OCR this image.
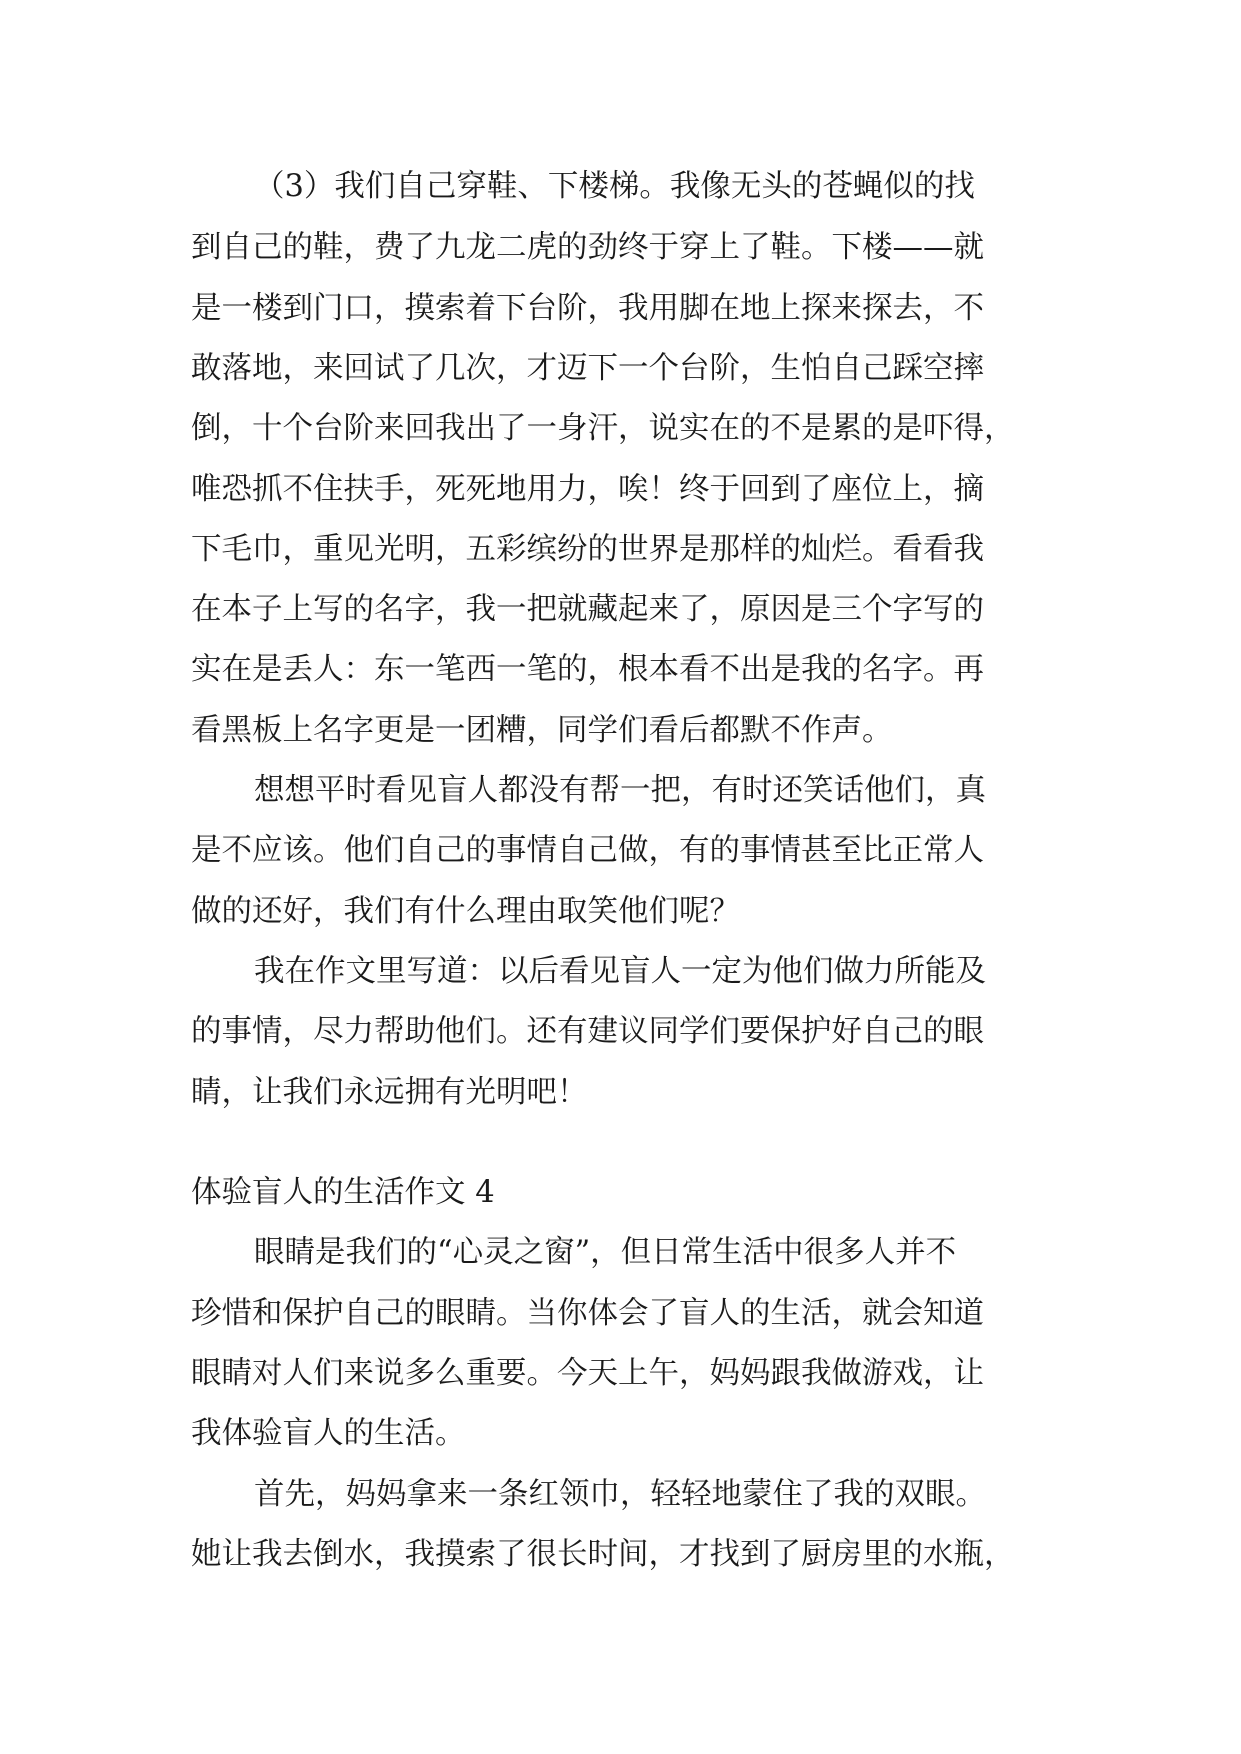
（3）我们自己穿鞋、下楼梯。我像无头的苍蝇似的找
到自己的鞋，费了九龙二虎的劲终于穿上了鞋。下楼——就
是一楼到门口，摸索着下台阶，我用脚在地上探来探去，不
敢落地，来回试了几次，才迈下一个台阶，生怕自己踩空摔
倒，十个台阶来回我出了一身汗，说实在的不是累的是吓得，
唯恐抓不住扶手，死死地用力，唉！终于回到了座位上，摘
下毛巾，重见光明，五彩缤纷的世界是那样的灿烂。看看我
在本子上写的名字，我一把就藏起来了，原因是三个字写的
实在是丢人：东一笔西一笔的，根本看不出是我的名字。再
看黑板上名字更是一团糟，同学们看后都默不作声。
想想平时看见盲人都没有帮一把，有时还笑话他们，真
是不应该。他们自己的事情自己做，有的事情甚至比正常人
做的还好，我们有什么理由取笑他们呢？
我在作文里写道：以后看见盲人一定为他们做力所能及
的事情，尽力帮助他们。还有建议同学们要保护好自己的眼
睛，让我们永远拥有光明吧！
体验盲人的生活作文 4
眼睛是我们的“心灵之窗”，但日常生活中很多人并不
珍惜和保护自己的眼睛。当你体会了盲人的生活，就会知道
眼睛对人们来说多么重要。今天上午，妈妈跟我做游戏，让
我体验盲人的生活。
首先，妈妈拿来一条红领巾，轻轻地蒙住了我的双眼。
她让我去倒水，我摸索了很长时间，才找到了厨房里的水瓶，
